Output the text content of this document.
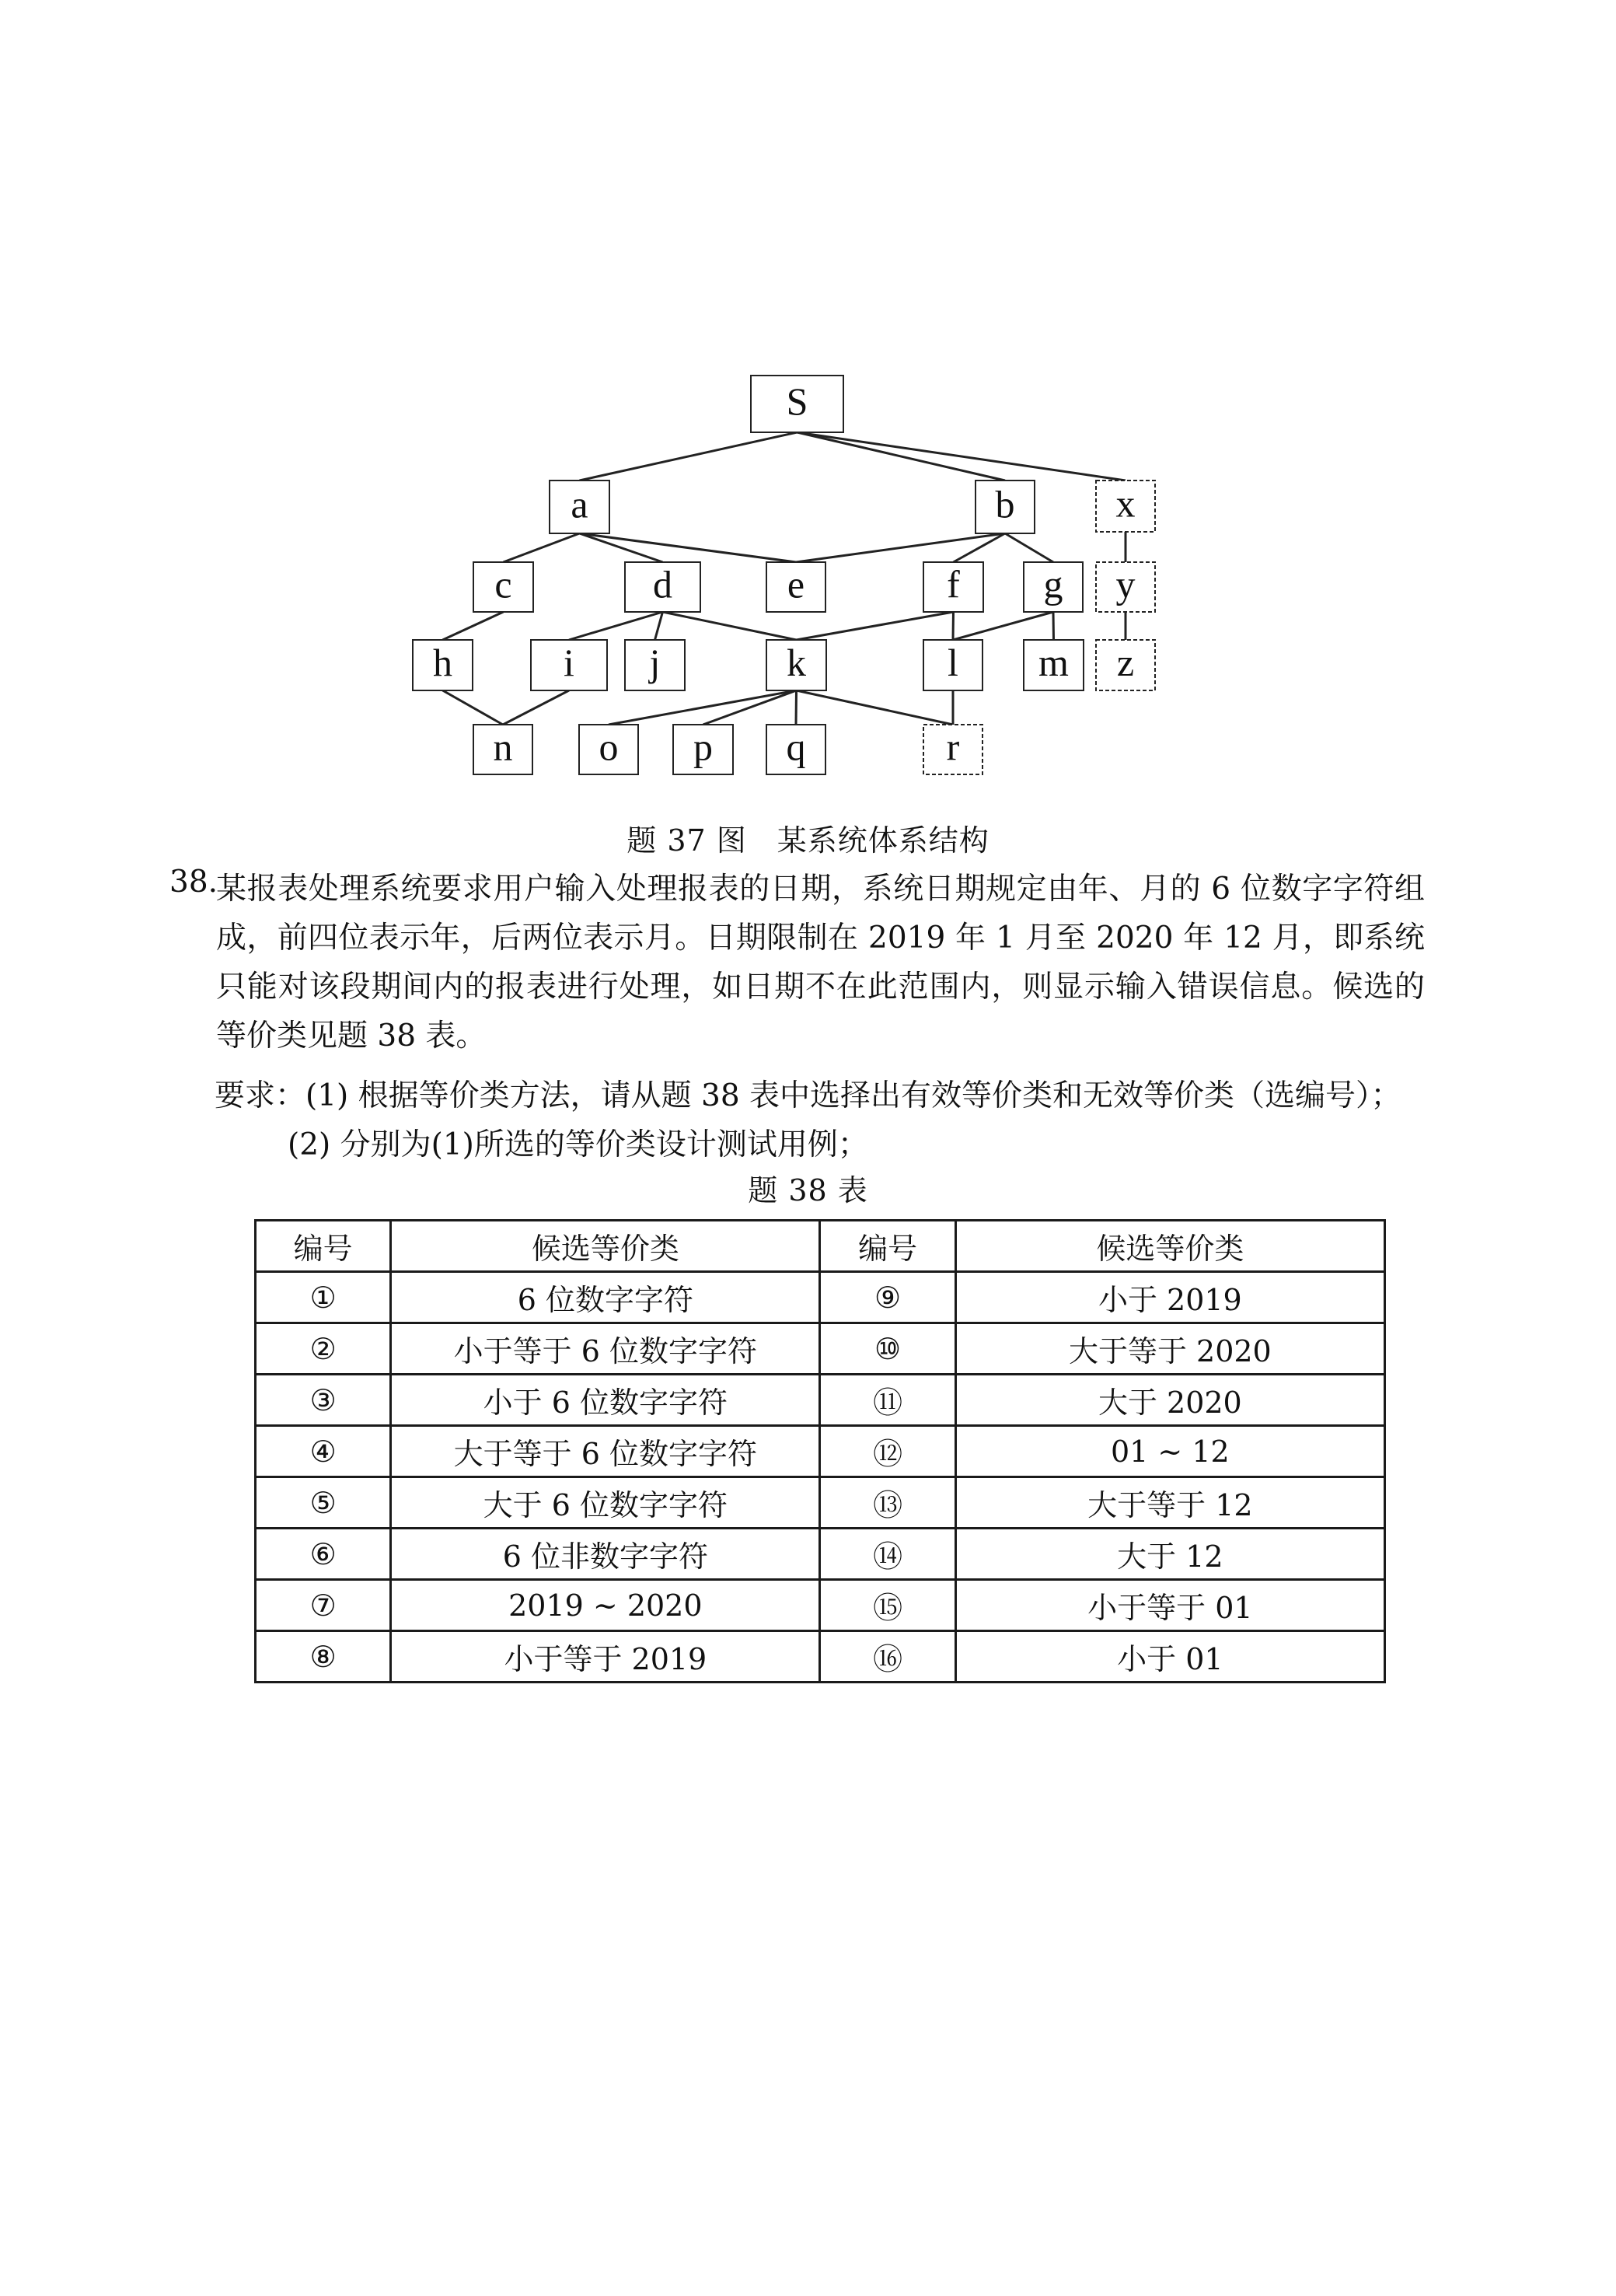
S
a	b	x
c	d	e	f g y
h	i j	k	l m z
n o p q	r
题 37 图　某系统体系结构
38.

某报表处理系统要求用户输入处理报表的日期，系统日期规定由年、月的 6 位数字字符组成，前四位表示年，后两位表示月。日期限制在 2019 年 1 月至 2020 年 12 月，即系统只能对该段期间内的报表进行处理，如日期不在此范围内，则显示输入错误信息。候选的等价类见题 38 表。

要求：(1) 根据等价类方法，请从题 38 表中选择出有效等价类和无效等价类（选编号）；
(2) 分别为(1)所选的等价类设计测试用例；
题 38 表
编号	候选等价类	编号	候选等价类
①	6 位数字字符	⑨	小于 2019
②	小于等于 6 位数字字符	⑩	大于等于 2020
③	小于 6 位数字字符	⑪	大于 2020
④	大于等于 6 位数字字符	⑫	01 ~ 12
⑤	大于 6 位数字字符	⑬	大于等于 12
⑥	6 位非数字字符	⑭	大于 12
⑦	2019 ~ 2020	⑮	小于等于 01
⑧	小于等于 2019	⑯	小于 01
